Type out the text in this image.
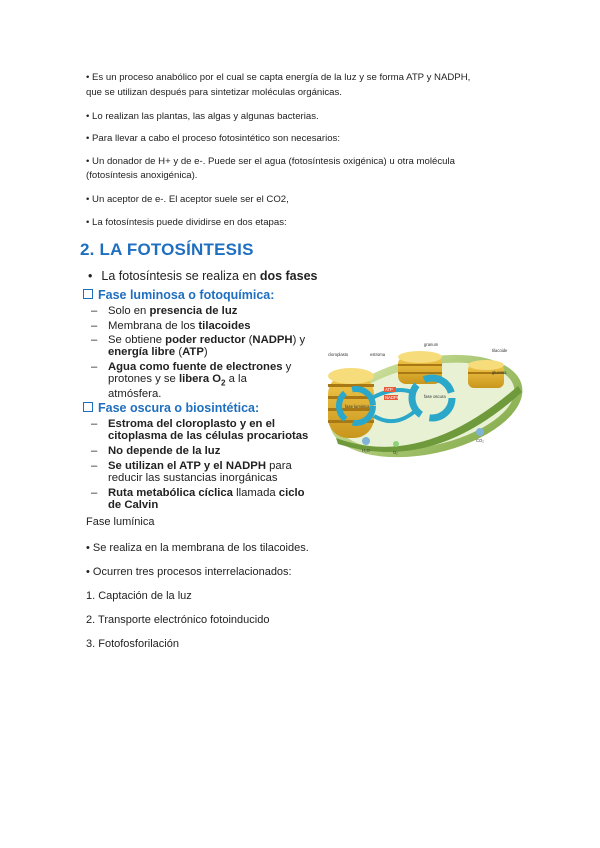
• Es un proceso anabólico por el cual se capta energía de la luz y se forma ATP y NADPH,
que se utilizan después para sintetizar moléculas orgánicas.
• Lo realizan las plantas, las algas y algunas bacterias.
• Para llevar a cabo el proceso fotosintético son necesarios:
• Un donador de H+ y de e-. Puede ser el agua (fotosíntesis oxigénica) u otra molécula
(fotosíntesis anoxigénica).
• Un aceptor de e-. El aceptor suele ser el CO2,
• La fotosíntesis puede dividirse en dos etapas:
2. LA FOTOSÍNTESIS
• La fotosíntesis se realiza en dos fases
Fase luminosa o fotoquímica:
– Solo en presencia de luz
– Membrana de los tilacoides
– Se obtiene poder reductor (NADPH) y
energía libre (ATP)
– Agua como fuente de electrones y
protones y se libera $O_2$ a la
atmósfera.
Fase oscura o biosintética:
– Estroma del cloroplasto y en el
citoplasma de las células procariotas
– No depende de la luz
– Se utilizan el ATP y el NADPH para
reducir las sustancias inorgánicas
– Ruta metabólica cíclica llamada ciclo
de Calvin
cloroplasto	estroma
granum
tilacoide
fase luminica
fase oscura
ATP
NADPH
glucosa
H₂O	O₂
CO₂
Fase lumínica
• Se realiza en la membrana de los tilacoides.
• Ocurren tres procesos interrelacionados:
1. Captación de la luz
2. Transporte electrónico fotoinducido
3. Fotofosforilación
